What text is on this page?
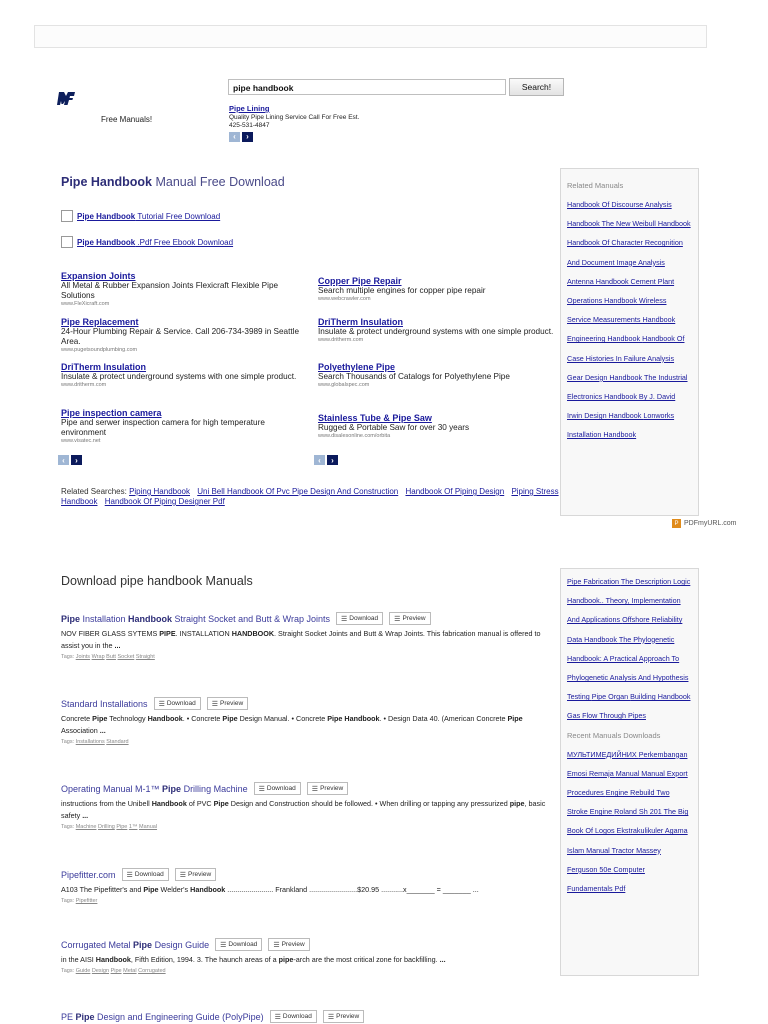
Free Manuals!
pipe handbook	Search!
Pipe Lining
Quality Pipe Lining Service Call For Free Est.
425-531-4847
‹	›
Pipe Handbook Manual Free Download
Pipe Handbook Tutorial Free Download
Pipe Handbook .Pdf Free Ebook Download
Expansion Joints
All Metal & Rubber Expansion Joints Flexicraft Flexible Pipe Solutions
www.FleXicraft.com
Pipe Replacement
24-Hour Plumbing Repair & Service. Call 206-734-3989 in Seattle Area.
www.pugetsoundplumbing.com
DriTherm Insulation
Insulate & protect underground systems with one simple product.
www.dritherm.com
Pipe inspection camera
Pipe and serwer inspection camera for high temperature environment
www.visatec.net
‹	›
Copper Pipe Repair
Search multiple engines for copper pipe repair
www.webcrawler.com
DriTherm Insulation
Insulate & protect underground systems with one simple product.
www.dritherm.com
Polyethylene Pipe
Search Thousands of Catalogs for Polyethylene Pipe
www.globalspec.com
Stainless Tube & Pipe Saw
Rugged & Portable Saw for over 30 years
www.disalesonline.com/orbita
‹	›
Related Searches: Piping Handbook Uni Bell Handbook Of Pvc Pipe Design And Construction Handbook Of Piping Design Piping Stress Handbook Handbook Of Piping Designer Pdf
Related Manuals
Handbook Of Discourse Analysis Handbook The New Weibull Handbook Handbook Of Character Recognition And Document Image Analysis Antenna Handbook Cement Plant Operations Handbook Wireless Service Measurements Handbook Engineering Handbook Handbook Of Case Histories In Failure Analysis Gear Design Handbook The Industrial Electronics Handbook By J. David Irwin Design Handbook Lonworks Installation Handbook
P PDFmyURL.com
Pipe Fabrication The Description Logic Handbook.. Theory, Implementation And Applications Offshore Reliability Data Handbook The Phylogenetic Handbook: A Practical Approach To Phylogenetic Analysis And Hypothesis Testing Pipe Organ Building Handbook Gas Flow Through Pipes
Recent Manuals Downloads
МУЛЬТИМЕДИЙНИХ Perkembangan Emosi Remaja Manual Manual Export Procedures Engine Rebuild Two Stroke Engine Roland Sh 201 The Big Book Of Logos Ekstrakulikuler Agama Islam Manual Tractor Massey Ferguson 50e Computer Fundamentals Pdf
Download pipe handbook Manuals
Pipe Installation Handbook Straight Socket and Butt & Wrap Joints ☰ Download ☰ Preview
NOV FIBER GLASS SYTEMS PIPE. INSTALLATION HANDBOOK. Straight Socket Joints and Butt & Wrap Joints. This fabrication manual is offered to assist you in the ...
Tags: Joints Wrap Butt Socket Straight
Standard Installations ☰ Download ☰ Preview
Concrete Pipe Technology Handbook. • Concrete Pipe Design Manual. • Concrete Pipe Handbook. • Design Data 40. (American Concrete Pipe Association ...
Tags: Installations Standard
Operating Manual M-1™ Pipe Drilling Machine ☰ Download ☰ Preview
instructions from the Unibell Handbook of PVC Pipe Design and Construction should be followed. • When drilling or tapping any pressurized pipe, basic safety ...
Tags: Machine Drilling Pipe 1™ Manual
Pipefitter.com ☰ Download ☰ Preview
A103 The Pipefitter's and Pipe Welder's Handbook ....................... Frankland ........................$20.95 ...........x_______ = _______ ...
Tags: Pipefitter
Corrugated Metal Pipe Design Guide ☰ Download ☰ Preview
in the AISI Handbook, Fifth Edition, 1994. 3. The haunch areas of a pipe-arch are the most critical zone for backfilling. ...
Tags: Guide Design Pipe Metal Corrugated
PE Pipe Design and Engineering Guide (PolyPipe) ☰ Download ☰ Preview
